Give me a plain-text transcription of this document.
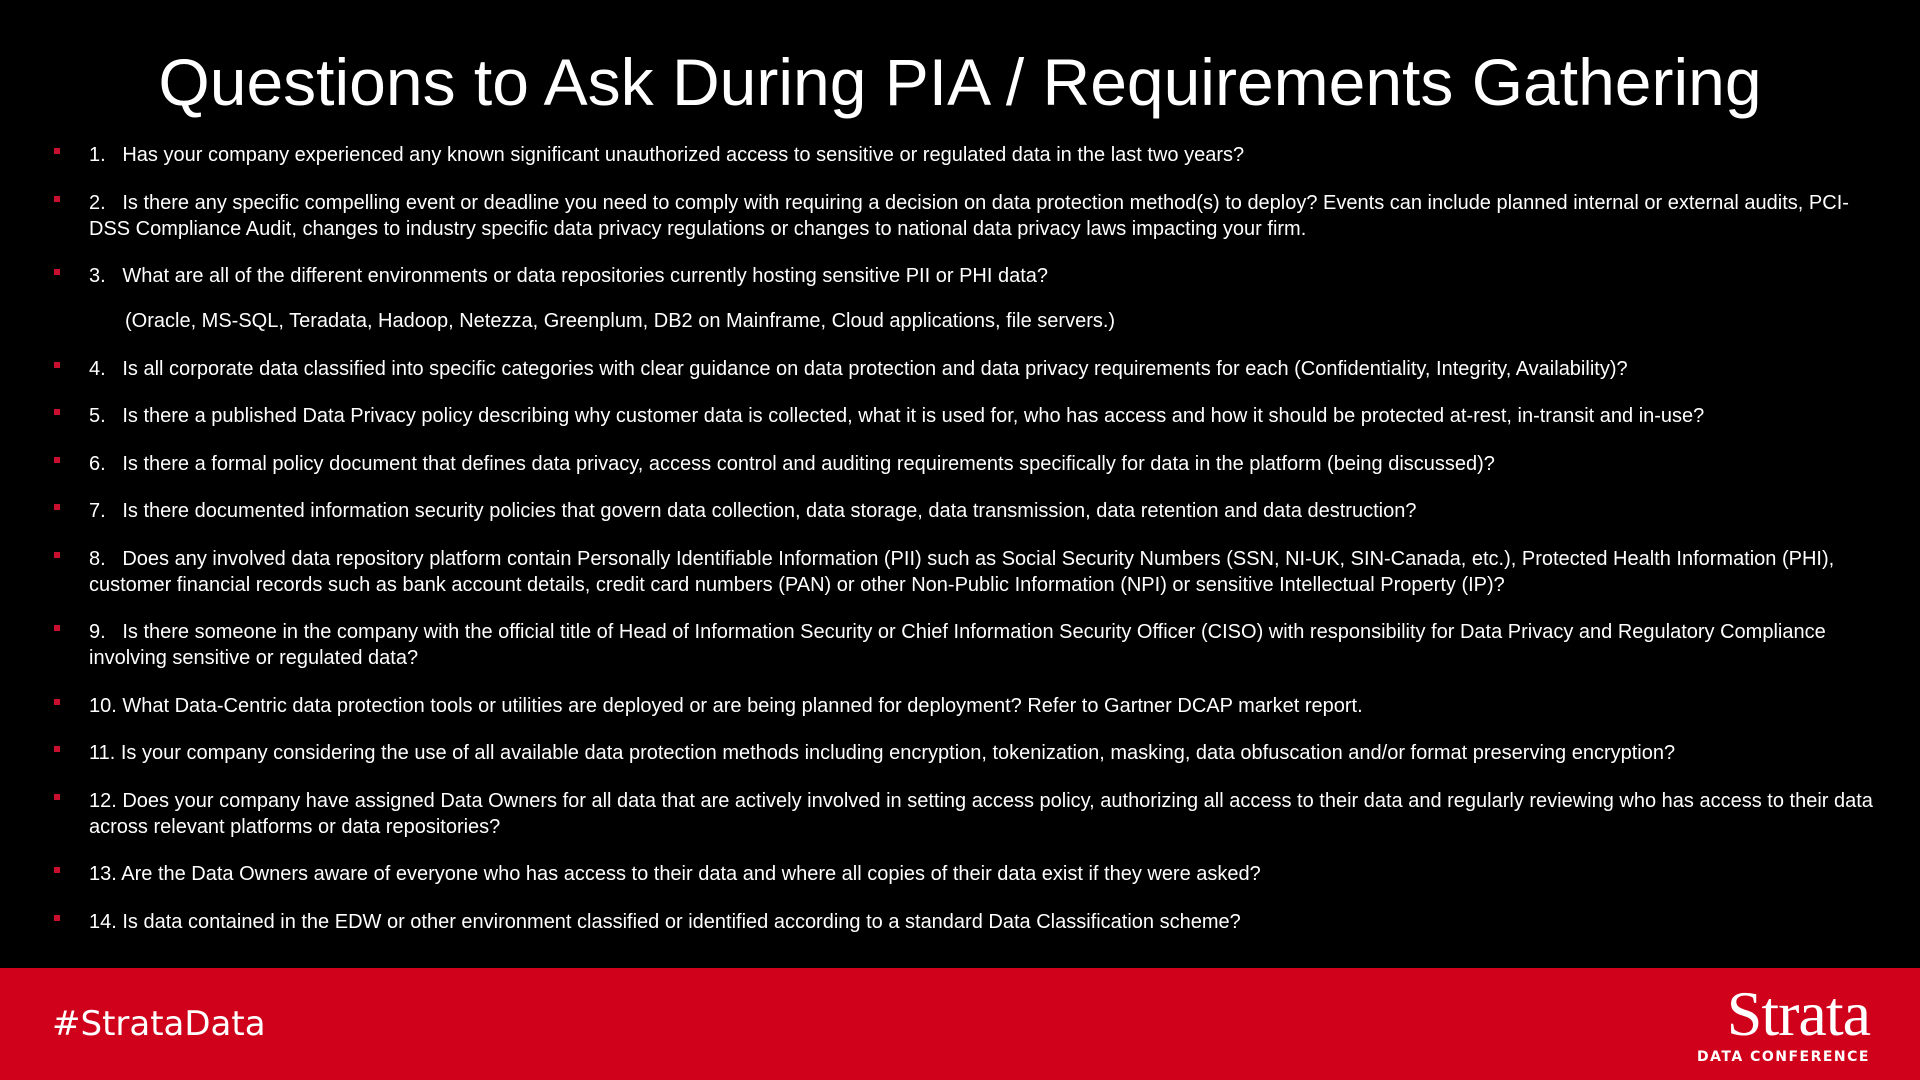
Questions to Ask During PIA / Requirements Gathering
1.   Has your company experienced any known significant unauthorized access to sensitive or regulated data in the last two years?
2.   Is there any specific compelling event or deadline you need to comply with requiring a decision on data protection method(s) to deploy? Events can include planned internal or external audits, PCI-DSS Compliance Audit, changes to industry specific data privacy regulations or changes to national data privacy laws impacting your firm.
3.   What are all of the different environments or data repositories currently hosting sensitive PII or PHI data?
(Oracle, MS-SQL, Teradata, Hadoop, Netezza, Greenplum, DB2 on Mainframe, Cloud applications, file servers.)
4.   Is all corporate data classified into specific categories with clear guidance on data protection and data privacy requirements for each (Confidentiality, Integrity, Availability)?
5.   Is there a published Data Privacy policy describing why customer data is collected, what it is used for, who has access and how it should be protected at-rest, in-transit and in-use?
6.   Is there a formal policy document that defines data privacy, access control and auditing requirements specifically for data in the platform (being discussed)?
7.   Is there documented information security policies that govern data collection, data storage, data transmission, data retention and data destruction?
8.   Does any involved data repository platform contain Personally Identifiable Information (PII) such as Social Security Numbers (SSN, NI-UK, SIN-Canada, etc.), Protected Health Information (PHI), customer financial records such as bank account details, credit card numbers (PAN) or other Non-Public Information (NPI) or sensitive Intellectual Property (IP)?
9.   Is there someone in the company with the official title of Head of Information Security or Chief Information Security Officer (CISO) with responsibility for Data Privacy and Regulatory Compliance involving sensitive or regulated data?
10. What Data-Centric data protection tools or utilities are deployed or are being planned for deployment? Refer to Gartner DCAP market report.
11. Is your company considering the use of all available data protection methods including encryption, tokenization, masking, data obfuscation and/or format preserving encryption?
12. Does your company have assigned Data Owners for all data that are actively involved in setting access policy, authorizing all access to their data and regularly reviewing who has access to their data across relevant platforms or data repositories?
13. Are the Data Owners aware of everyone who has access to their data and where all copies of their data exist if they were asked?
14. Is data contained in the EDW or other environment classified or identified according to a standard Data Classification scheme?
#StrataData	Strata
DATA CONFERENCE
